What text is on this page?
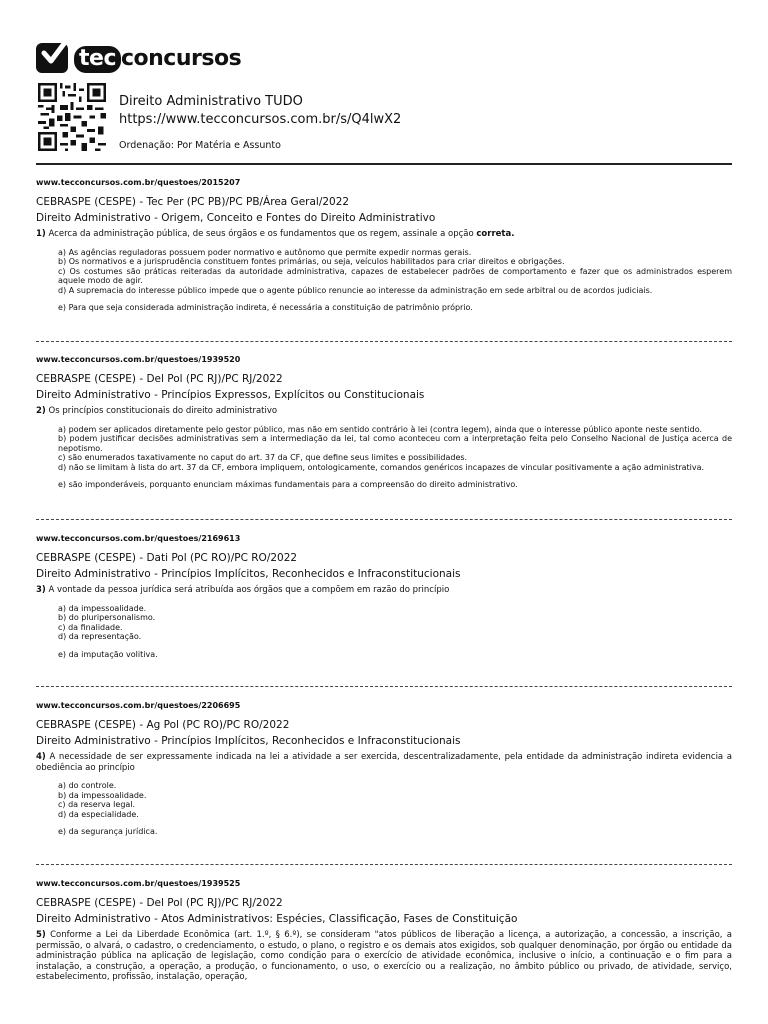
tec concursos
Direito Administrativo TUDO
https://www.tecconcursos.com.br/s/Q4lwX2
Ordenação: Por Matéria e Assunto
www.tecconcursos.com.br/questoes/2015207
CEBRASPE (CESPE) - Tec Per (PC PB)/PC PB/Área Geral/2022
Direito Administrativo - Origem, Conceito e Fontes do Direito Administrativo
1) Acerca da administração pública, de seus órgãos e os fundamentos que os regem, assinale a opção correta.
a) As agências reguladoras possuem poder normativo e autônomo que permite expedir normas gerais.
b) Os normativos e a jurisprudência constituem fontes primárias, ou seja, veículos habilitados para criar direitos e obrigações.
c) Os costumes são práticas reiteradas da autoridade administrativa, capazes de estabelecer padrões de comportamento e fazer que os administrados esperem aquele modo de agir.
d) A supremacia do interesse público impede que o agente público renuncie ao interesse da administração em sede arbitral ou de acordos judiciais.
e) Para que seja considerada administração indireta, é necessária a constituição de patrimônio próprio.
www.tecconcursos.com.br/questoes/1939520
CEBRASPE (CESPE) - Del Pol (PC RJ)/PC RJ/2022
Direito Administrativo - Princípios Expressos, Explícitos ou Constitucionais
2) Os princípios constitucionais do direito administrativo
a) podem ser aplicados diretamente pelo gestor público, mas não em sentido contrário à lei (contra legem), ainda que o interesse público aponte neste sentido.
b) podem justificar decisões administrativas sem a intermediação da lei, tal como aconteceu com a interpretação feita pelo Conselho Nacional de Justiça acerca de nepotismo.
c) são enumerados taxativamente no caput do art. 37 da CF, que define seus limites e possibilidades.
d) não se limitam à lista do art. 37 da CF, embora impliquem, ontologicamente, comandos genéricos incapazes de vincular positivamente a ação administrativa.
e) são imponderáveis, porquanto enunciam máximas fundamentais para a compreensão do direito administrativo.
www.tecconcursos.com.br/questoes/2169613
CEBRASPE (CESPE) - Dati Pol (PC RO)/PC RO/2022
Direito Administrativo - Princípios Implícitos, Reconhecidos e Infraconstitucionais
3) A vontade da pessoa jurídica será atribuída aos órgãos que a compõem em razão do princípio
a) da impessoalidade.
b) do pluripersonalismo.
c) da finalidade.
d) da representação.
e) da imputação volitiva.
www.tecconcursos.com.br/questoes/2206695
CEBRASPE (CESPE) - Ag Pol (PC RO)/PC RO/2022
Direito Administrativo - Princípios Implícitos, Reconhecidos e Infraconstitucionais
4) A necessidade de ser expressamente indicada na lei a atividade a ser exercida, descentralizadamente, pela entidade da administração indireta evidencia a obediência ao princípio
a) do controle.
b) da impessoalidade.
c) da reserva legal.
d) da especialidade.
e) da segurança jurídica.
www.tecconcursos.com.br/questoes/1939525
CEBRASPE (CESPE) - Del Pol (PC RJ)/PC RJ/2022
Direito Administrativo - Atos Administrativos: Espécies, Classificação, Fases de Constituição
5) Conforme a Lei da Liberdade Econômica (art. 1.º, § 6.º), se consideram "atos públicos de liberação a licença, a autorização, a concessão, a inscrição, a permissão, o alvará, o cadastro, o credenciamento, o estudo, o plano, o registro e os demais atos exigidos, sob qualquer denominação, por órgão ou entidade da administração pública na aplicação de legislação, como condição para o exercício de atividade econômica, inclusive o início, a continuação e o fim para a instalação, a construção, a operação, a produção, o funcionamento, o uso, o exercício ou a realização, no âmbito público ou privado, de atividade, serviço, estabelecimento, profissão, instalação, operação,
